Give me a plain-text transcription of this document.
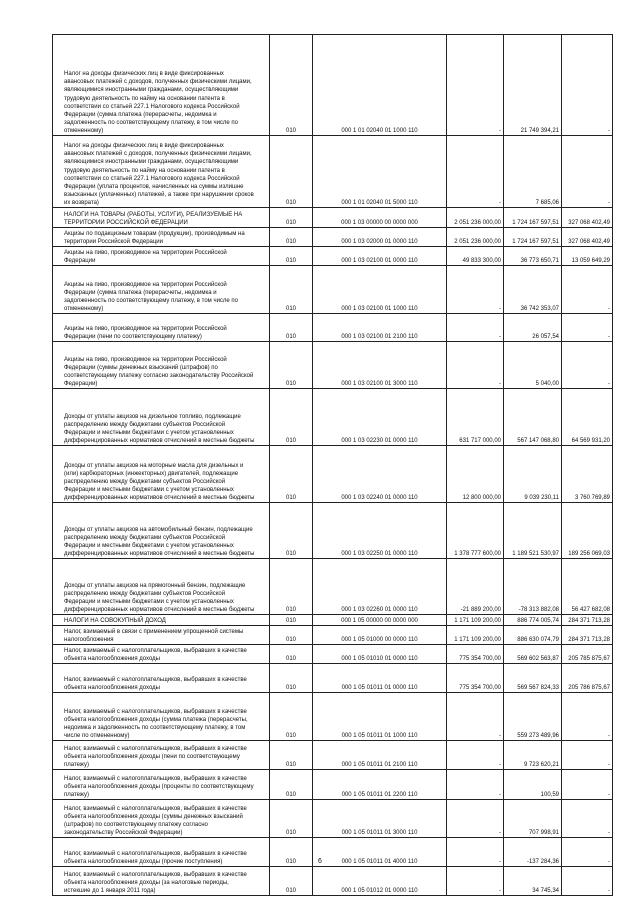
Налог на доходы физических лиц в виде фиксированных авансовых платежей с доходов, полученных физическими лицами, являющимися иностранными гражданами, осуществляющими трудовую деятельность по найму на основании патента в соответствии со статьей 227.1 Налогового кодекса Российской Федерации (сумма платежа (перерасчеты, недоимка и задолженность по соответствующему платежу, в том числе по отмененному)	010	000 1 01 02040 01 1000 110	-	21 749 394,21	-
Налог на доходы физических лиц в виде фиксированных авансовых платежей с доходов, полученных физическими лицами, являющимися иностранными гражданами, осуществляющими трудовую деятельность по найму на основании патента в соответствии со статьей 227.1 Налогового кодекса Российской Федерации (уплата процентов, начисленных на суммы излишне взысканных (уплаченных) платежей, а также при нарушении сроков их возврата)	010	000 1 01 02040 01 5000 110	-	7 685,06	-
НАЛОГИ НА ТОВАРЫ (РАБОТЫ, УСЛУГИ), РЕАЛИЗУЕМЫЕ НА ТЕРРИТОРИИ РОССИЙСКОЙ ФЕДЕРАЦИИ	010	000 1 03 00000 00 0000 000	2 051 236 000,00	1 724 167 597,51	327 068 402,49
Акцизы по подакцизным товарам (продукции), производимым на территории Российской Федерации	010	000 1 03 02000 01 0000 110	2 051 236 000,00	1 724 167 597,51	327 068 402,49
Акцизы на пиво, производимое на территории Российской Федерации	010	000 1 03 02100 01 0000 110	49 833 300,00	36 773 650,71	13 059 649,29
Акцизы на пиво, производимое на территории Российской Федерации (сумма платежа (перерасчеты, недоимка и задолженность по соответствующему платежу, в том числе по отмененному)	010	000 1 03 02100 01 1000 110	-	36 742 353,07	-
Акцизы на пиво, производимое на территории Российской Федерации (пени по соответствующему платежу)	010	000 1 03 02100 01 2100 110	-	26 057,54	-
Акцизы на пиво, производимое на территории Российской Федерации (суммы денежных взысканий (штрафов) по соответствующему платежу согласно законодательству Российской Федерации)	010	000 1 03 02100 01 3000 110	-	5 040,00	-
Доходы от уплаты акцизов на дизельное топливо, подлежащие распределению между бюджетами субъектов Российской Федерации и местными бюджетами с учетом установленных дифференцированных нормативов отчислений в местные бюджеты	010	000 1 03 02230 01 0000 110	631 717 000,00	567 147 068,80	64 569 931,20
Доходы от уплаты акцизов на моторные масла для дизельных и (или) карбюраторных (инжекторных) двигателей, подлежащие распределению между бюджетами субъектов Российской Федерации и местными бюджетами с учетом установленных дифференцированных нормативов отчислений в местные бюджеты	010	000 1 03 02240 01 0000 110	12 800 000,00	9 039 230,11	3 760 769,89
Доходы от уплаты акцизов на автомобильный бензин, подлежащие распределению между бюджетами субъектов Российской Федерации и местными бюджетами с учетом установленных дифференцированных нормативов отчислений в местные бюджеты	010	000 1 03 02250 01 0000 110	1 378 777 600,00	1 189 521 530,97	189 256 069,03
Доходы от уплаты акцизов на прямогонный бензин, подлежащие распределению между бюджетами субъектов Российской Федерации и местными бюджетами с учетом установленных дифференцированных нормативов отчислений в местные бюджеты	010	000 1 03 02260 01 0000 110	-21 889 200,00	-78 313 882,08	56 427 682,08
НАЛОГИ НА СОВОКУПНЫЙ ДОХОД	010	000 1 05 00000 00 0000 000	1 171 109 200,00	886 774 005,74	284 371 713,28
Налог, взимаемый в связи с применением упрощенной системы налогообложения	010	000 1 05 01000 00 0000 110	1 171 109 200,00	886 630 074,79	284 371 713,28
Налог, взимаемый с налогоплательщиков, выбравших в качестве объекта налогообложения доходы	010	000 1 05 01010 01 0000 110	775 354 700,00	569 602 563,87	205 785 875,67
Налог, взимаемый с налогоплательщиков, выбравших в качестве объекта налогообложения доходы	010	000 1 05 01011 01 0000 110	775 354 700,00	569 567 824,33	205 786 875,67
Налог, взимаемый с налогоплательщиков, выбравших в качестве объекта налогообложения доходы (сумма платежа (перерасчеты, недоимка и задолженность по соответствующему платежу, в том числе по отмененному)	010	000 1 05 01011 01 1000 110	-	559 273 489,96	-
Налог, взимаемый с налогоплательщиков, выбравших в качестве объекта налогообложения доходы (пени по соответствующему платежу)	010	000 1 05 01011 01 2100 110	-	9 723 620,21	-
Налог, взимаемый с налогоплательщиков, выбравших в качестве объекта налогообложения доходы (проценты по соответствующему платежу)	010	000 1 05 01011 01 2200 110	-	100,59	-
Налог, взимаемый с налогоплательщиков, выбравших в качестве объекта налогообложения доходы (суммы денежных взысканий (штрафов) по соответствующему платежу согласно законодательству Российской Федерации)	010	000 1 05 01011 01 3000 110	-	707 998,91	-
Налог, взимаемый с налогоплательщиков, выбравших в качестве объекта налогообложения доходы (прочие поступления)	010	000 1 05 01011 01 4000 110	-	-137 284,36	-
Налог, взимаемый с налогоплательщиков, выбравших в качестве объекта налогообложения доходы (за налоговые периоды, истекшие до 1 января 2011 года)	010	000 1 05 01012 01 0000 110	-	34 745,34	-
6
